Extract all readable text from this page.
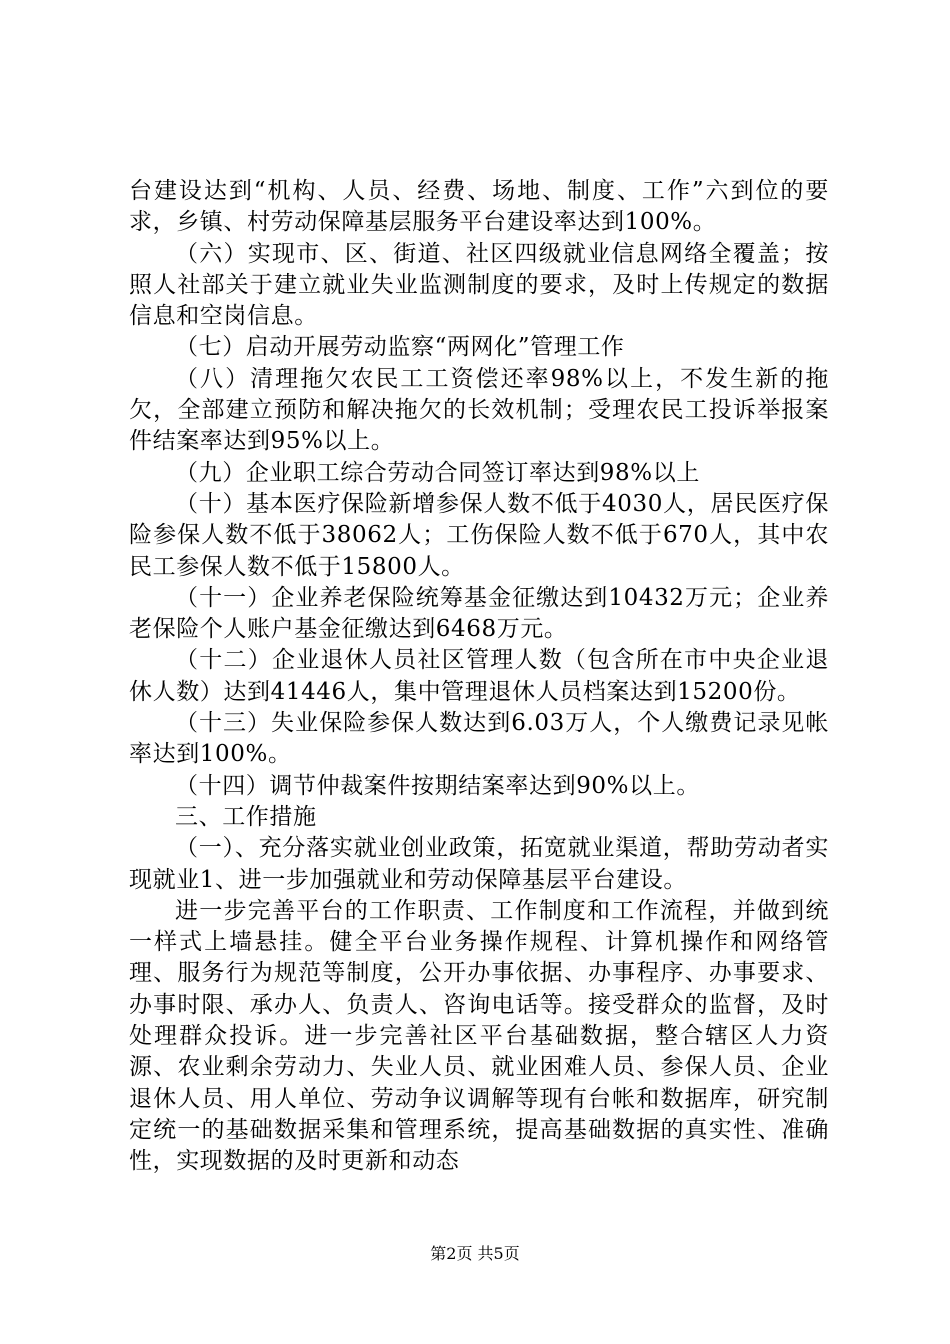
台建设达到“机构、人员、经费、场地、制度、工作”六到位的要求，乡镇、村劳动保障基层服务平台建设率达到100%。

（六）实现市、区、街道、社区四级就业信息网络全覆盖；按照人社部关于建立就业失业监测制度的要求，及时上传规定的数据信息和空岗信息。

（七）启动开展劳动监察“两网化”管理工作

（八）清理拖欠农民工工资偿还率98%以上，不发生新的拖欠，全部建立预防和解决拖欠的长效机制；受理农民工投诉举报案件结案率达到95%以上。

（九）企业职工综合劳动合同签订率达到98%以上

（十）基本医疗保险新增参保人数不低于4030人，居民医疗保险参保人数不低于38062人；工伤保险人数不低于670人，其中农民工参保人数不低于15800人。

（十一）企业养老保险统筹基金征缴达到10432万元；企业养老保险个人账户基金征缴达到6468万元。

（十二）企业退休人员社区管理人数（包含所在市中央企业退休人数）达到41446人，集中管理退休人员档案达到15200份。

（十三）失业保险参保人数达到6.03万人，个人缴费记录见帐率达到100%。

（十四）调节仲裁案件按期结案率达到90%以上。

三、工作措施

（一）、充分落实就业创业政策，拓宽就业渠道，帮助劳动者实现就业1、进一步加强就业和劳动保障基层平台建设。

进一步完善平台的工作职责、工作制度和工作流程，并做到统一样式上墙悬挂。健全平台业务操作规程、计算机操作和网络管理、服务行为规范等制度，公开办事依据、办事程序、办事要求、办事时限、承办人、负责人、咨询电话等。接受群众的监督，及时处理群众投诉。进一步完善社区平台基础数据，整合辖区人力资源、农业剩余劳动力、失业人员、就业困难人员、参保人员、企业退休人员、用人单位、劳动争议调解等现有台帐和数据库，研究制定统一的基础数据采集和管理系统，提高基础数据的真实性、准确性，实现数据的及时更新和动态

第2页 共5页
